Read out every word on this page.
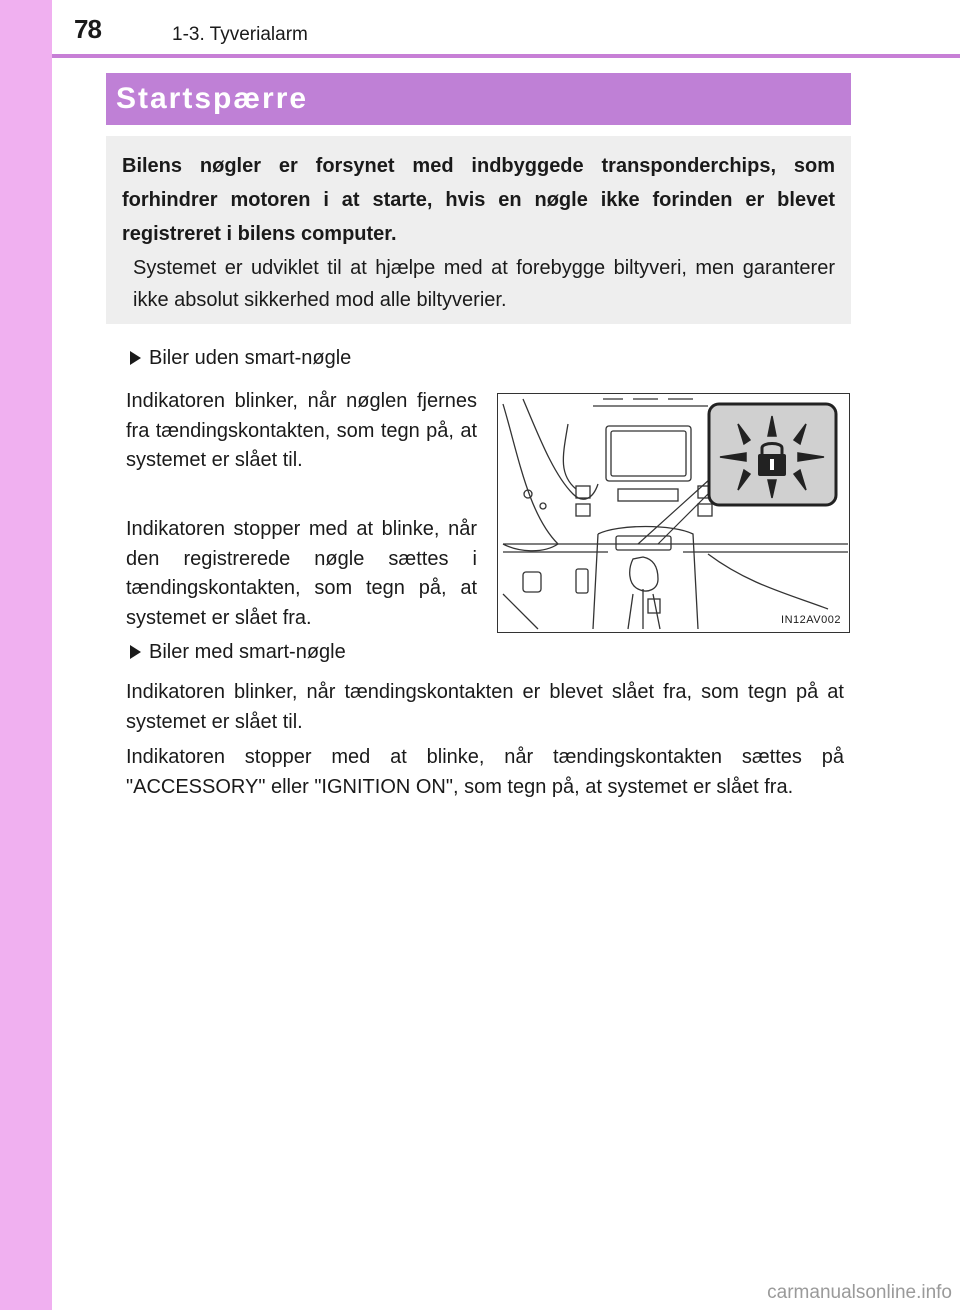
78	1-3. Tyverialarm
Startspærre

Bilens nøgler er forsynet med indbyggede transponderchips, som forhindrer motoren i at starte, hvis en nøgle ikke forinden er blevet registreret i bilens computer.

Systemet er udviklet til at hjælpe med at forebygge biltyveri, men garanterer ikke absolut sikkerhed mod alle biltyverier.

Biler uden smart-nøgle

Indikatoren blinker, når nøglen fjernes fra tændingskontakten, som tegn på, at systemet er slået til.

Indikatoren stopper med at blinke, når den registrerede nøgle sættes i tændingskontakten, som tegn på, at systemet er slået fra.	IN12AV002
Biler med smart-nøgle

Indikatoren blinker, når tændingskontakten er blevet slået fra, som tegn på at systemet er slået til.

Indikatoren stopper med at blinke, når tændingskontakten sættes på "ACCESSORY" eller "IGNITION ON", som tegn på, at systemet er slået fra.

carmanualsonline.info
